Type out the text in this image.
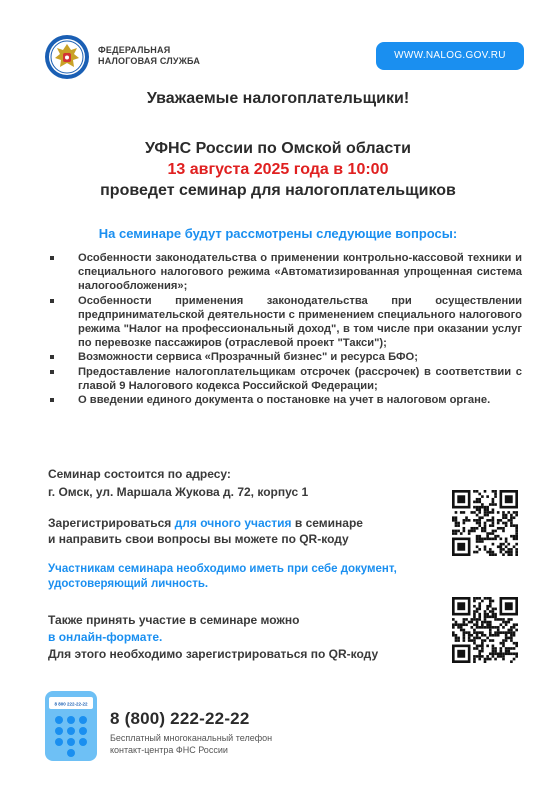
ФЕДЕРАЛЬНАЯ
НАЛОГОВАЯ СЛУЖБА	WWW.NALOG.GOV.RU
Уважаемые налогоплательщики!
УФНС России по Омской области
13 августа 2025 года в 10:00
проведет семинар для налогоплательщиков
На семинаре будут рассмотрены следующие вопросы:
Особенности законодательства о применении контрольно-кассовой техники и специального налогового режима «Автоматизированная упрощенная система налогообложения»;
Особенности применения законодательства при осуществлении предпринимательской деятельности с применением специального налогового режима "Налог на профессиональный доход", в том числе при оказании услуг по перевозке пассажиров (отраслевой проект "Такси");
Возможности сервиса «Прозрачный бизнес" и ресурса БФО;
Предоставление налогоплательщикам отсрочек (рассрочек) в соответствии с главой 9 Налогового кодекса Российской Федерации;
О введении единого документа о постановке на учет в налоговом органе.
Семинар состоится по адресу:
г. Омск, ул. Маршала Жукова д. 72, корпус 1
Зарегистрироваться для очного участия в семинаре
и направить свои вопросы вы можете по QR-коду
Участникам семинара необходимо иметь при себе документ,
удостоверяющий личность.
Также принять участие в семинаре можно
в онлайн-формате.
Для этого необходимо зарегистрироваться по QR-коду
8 800 222-22-22
8 (800) 222-22-22
Бесплатный многоканальный телефон
контакт-центра ФНС России
